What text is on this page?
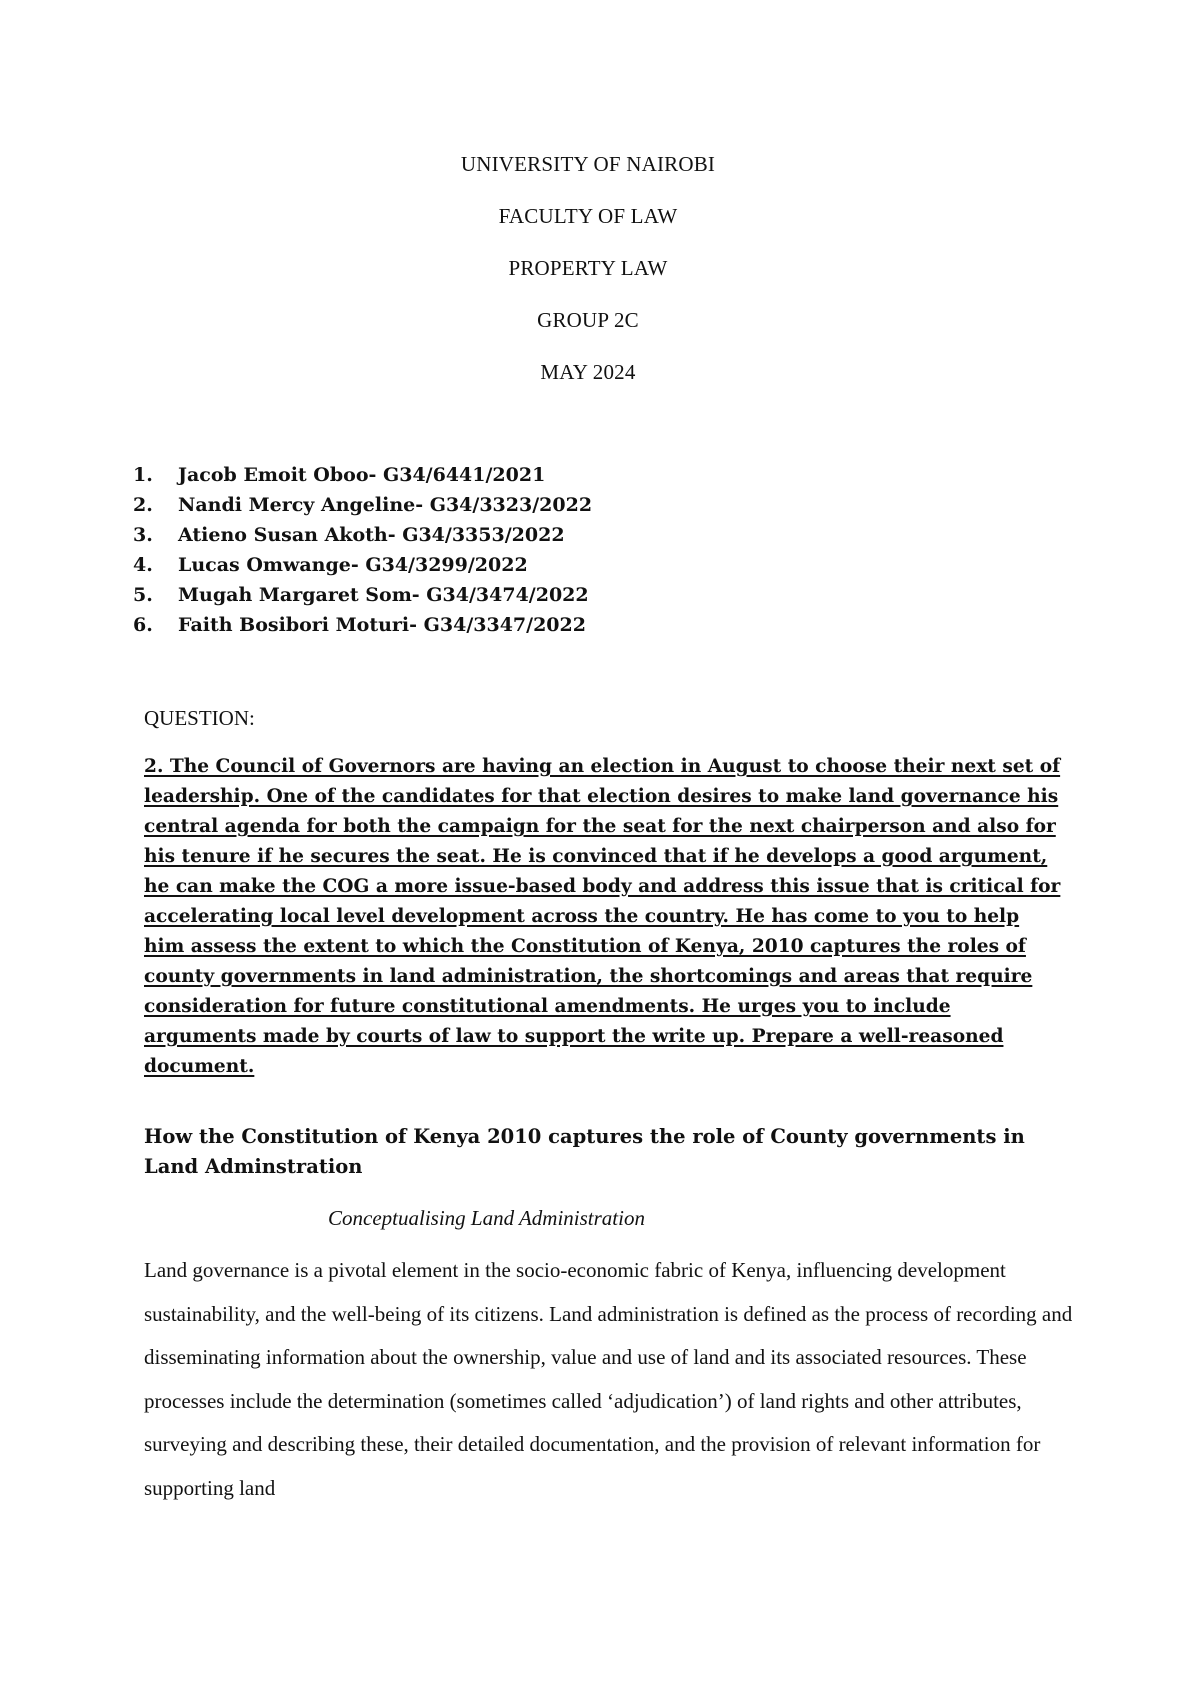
UNIVERSITY OF NAIROBI
FACULTY OF LAW
PROPERTY LAW
GROUP 2C
MAY 2024
1. Jacob Emoit Oboo- G34/6441/2021
2. Nandi Mercy Angeline- G34/3323/2022
3. Atieno Susan Akoth- G34/3353/2022
4. Lucas Omwange- G34/3299/2022
5. Mugah Margaret Som- G34/3474/2022
6. Faith Bosibori Moturi- G34/3347/2022
QUESTION:

2. The Council of Governors are having an election in August to choose their next set of leadership. One of the candidates for that election desires to make land governance his central agenda for both the campaign for the seat for the next chairperson and also for his tenure if he secures the seat. He is convinced that if he develops a good argument, he can make the COG a more issue-based body and address this issue that is critical for accelerating local level development across the country. He has come to you to help him assess the extent to which the Constitution of Kenya, 2010 captures the roles of county governments in land administration, the shortcomings and areas that require consideration for future constitutional amendments. He urges you to include arguments made by courts of law to support the write up. Prepare a well-reasoned document.

How the Constitution of Kenya 2010 captures the role of County governments in Land Adminstration
Conceptualising Land Administration

Land governance is a pivotal element in the socio-economic fabric of Kenya, influencing development sustainability, and the well-being of its citizens. Land administration is defined as the process of recording and disseminating information about the ownership, value and use of land and its associated resources. These processes include the determination (sometimes called ‘adjudication’) of land rights and other attributes, surveying and describing these, their detailed documentation, and the provision of relevant information for supporting land
